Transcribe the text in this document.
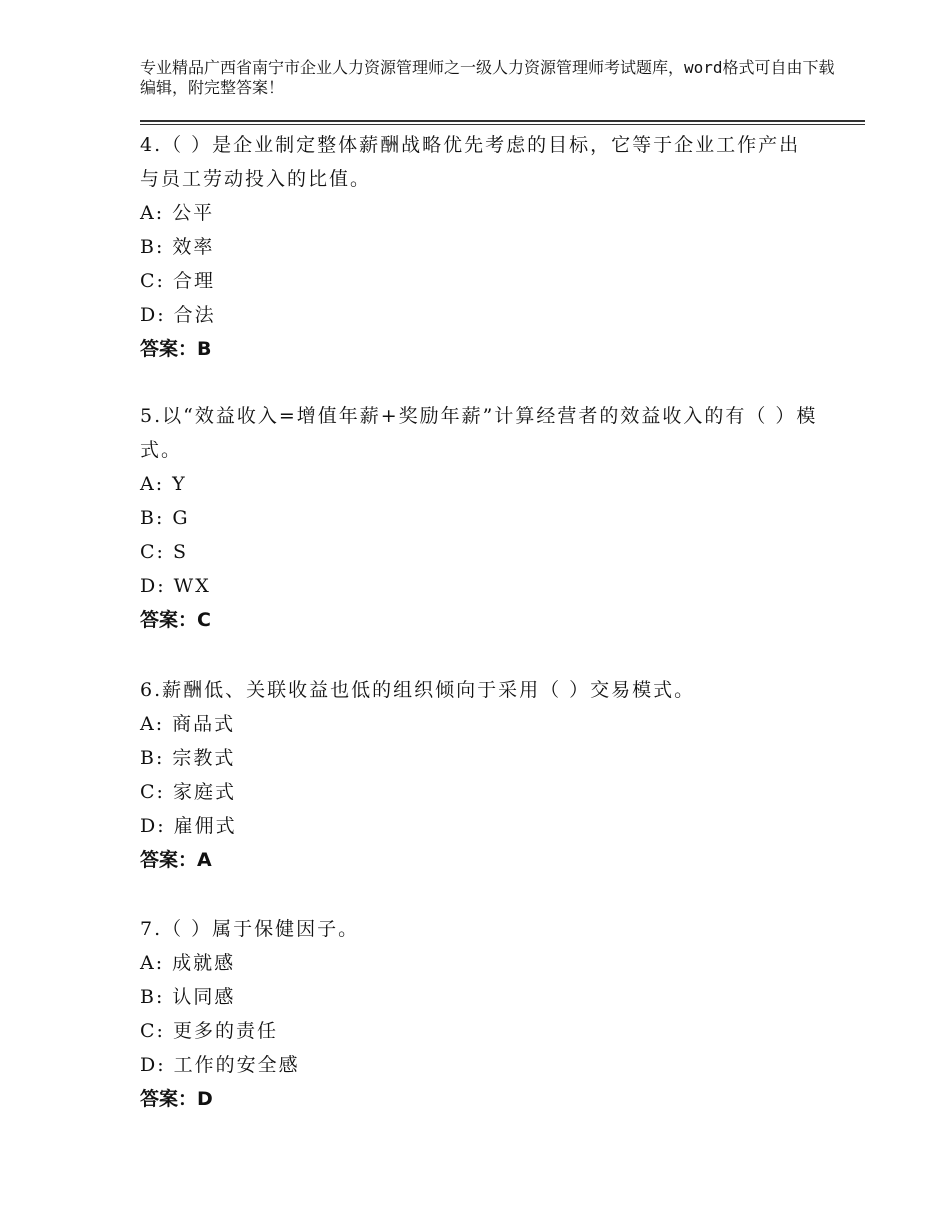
专业精品广西省南宁市企业人力资源管理师之一级人力资源管理师考试题库，word格式可自由下载编辑，附完整答案！

4.（ ）是企业制定整体薪酬战略优先考虑的目标，它等于企业工作产出与员工劳动投入的比值。

A: 公平

B: 效率

C: 合理

D: 合法

答案：B

5.以“效益收入=增值年薪+奖励年薪”计算经营者的效益收入的有（ ）模式。

A: Y

B: G

C: S

D: WX

答案：C

6.薪酬低、关联收益也低的组织倾向于采用（ ）交易模式。

A: 商品式

B: 宗教式

C: 家庭式

D: 雇佣式

答案：A

7.（ ）属于保健因子。

A: 成就感

B: 认同感

C: 更多的责任

D: 工作的安全感

答案：D
